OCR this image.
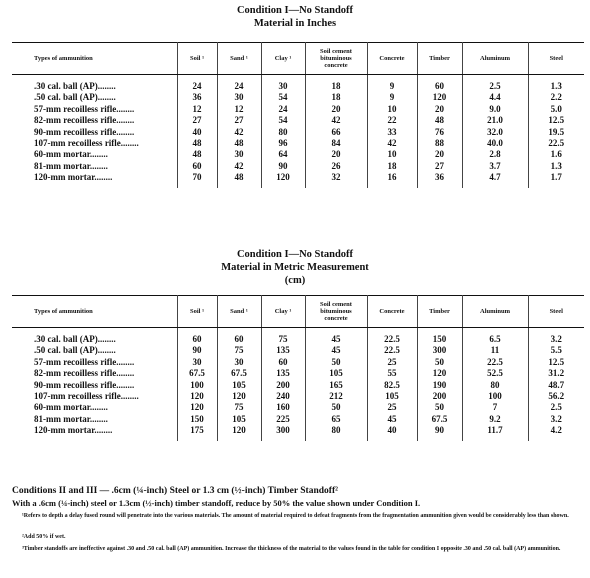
Condition I—No Standoff
Material in Inches
Types of ammunition	Soil ¹	Sand ¹	Clay ¹	Soil cement bituminous concrete	Concrete	Timber	Aluminum	Steel
.30 cal. ball (AP)........	24	24	30	18	9	60	2.5	1.3
.50 cal. ball (AP)........	36	30	54	18	9	120	4.4	2.2
57-mm recoilless rifle........	12	12	24	20	10	20	9.0	5.0
82-mm recoilless rifle........	27	27	54	42	22	48	21.0	12.5
90-mm recoilless rifle........	40	42	80	66	33	76	32.0	19.5
107-mm recoilless rifle........	48	48	96	84	42	88	40.0	22.5
60-mm mortar........	48	30	64	20	10	20	2.8	1.6
81-mm mortar........	60	42	90	26	18	27	3.7	1.3
120-mm mortar........	70	48	120	32	16	36	4.7	1.7
Condition I—No Standoff
Material in Metric Measurement
(cm)
Types of ammunition	Soil ¹	Sand ¹	Clay ¹	Soil cement bituminous concrete	Concrete	Timber	Aluminum	Steel
.30 cal. ball (AP)........	60	60	75	45	22.5	150	6.5	3.2
.50 cal. ball (AP)........	90	75	135	45	22.5	300	11	5.5
57-mm recoilless rifle........	30	30	60	50	25	50	22.5	12.5
82-mm recoilless rifle........	67.5	67.5	135	105	55	120	52.5	31.2
90-mm recoilless rifle........	100	105	200	165	82.5	190	80	48.7
107-mm recoilless rifle........	120	120	240	212	105	200	100	56.2
60-mm mortar........	120	75	160	50	25	50	7	2.5
81-mm mortar........	150	105	225	65	45	67.5	9.2	3.2
120-mm mortar........	175	120	300	80	40	90	11.7	4.2
Conditions II and III — .6cm (¼-inch) Steel or 1.3 cm (½-inch) Timber Standoff²
With a .6cm (¼-inch) steel or 1.3cm (½-inch) timber standoff, reduce by 50% the value shown under Condition I.
¹Refers to depth a delay fused round will penetrate into the various materials. The amount of material required to defeat fragments from the fragmentation ammunition given would be considerably less than shown.
²Add 50% if wet.
³Timber standoffs are ineffective against .30 and .50 cal. ball (AP) ammunition. Increase the thickness of the material to the values found in the table for condition I opposite .30 and .50 cal. ball (AP) ammunition.
